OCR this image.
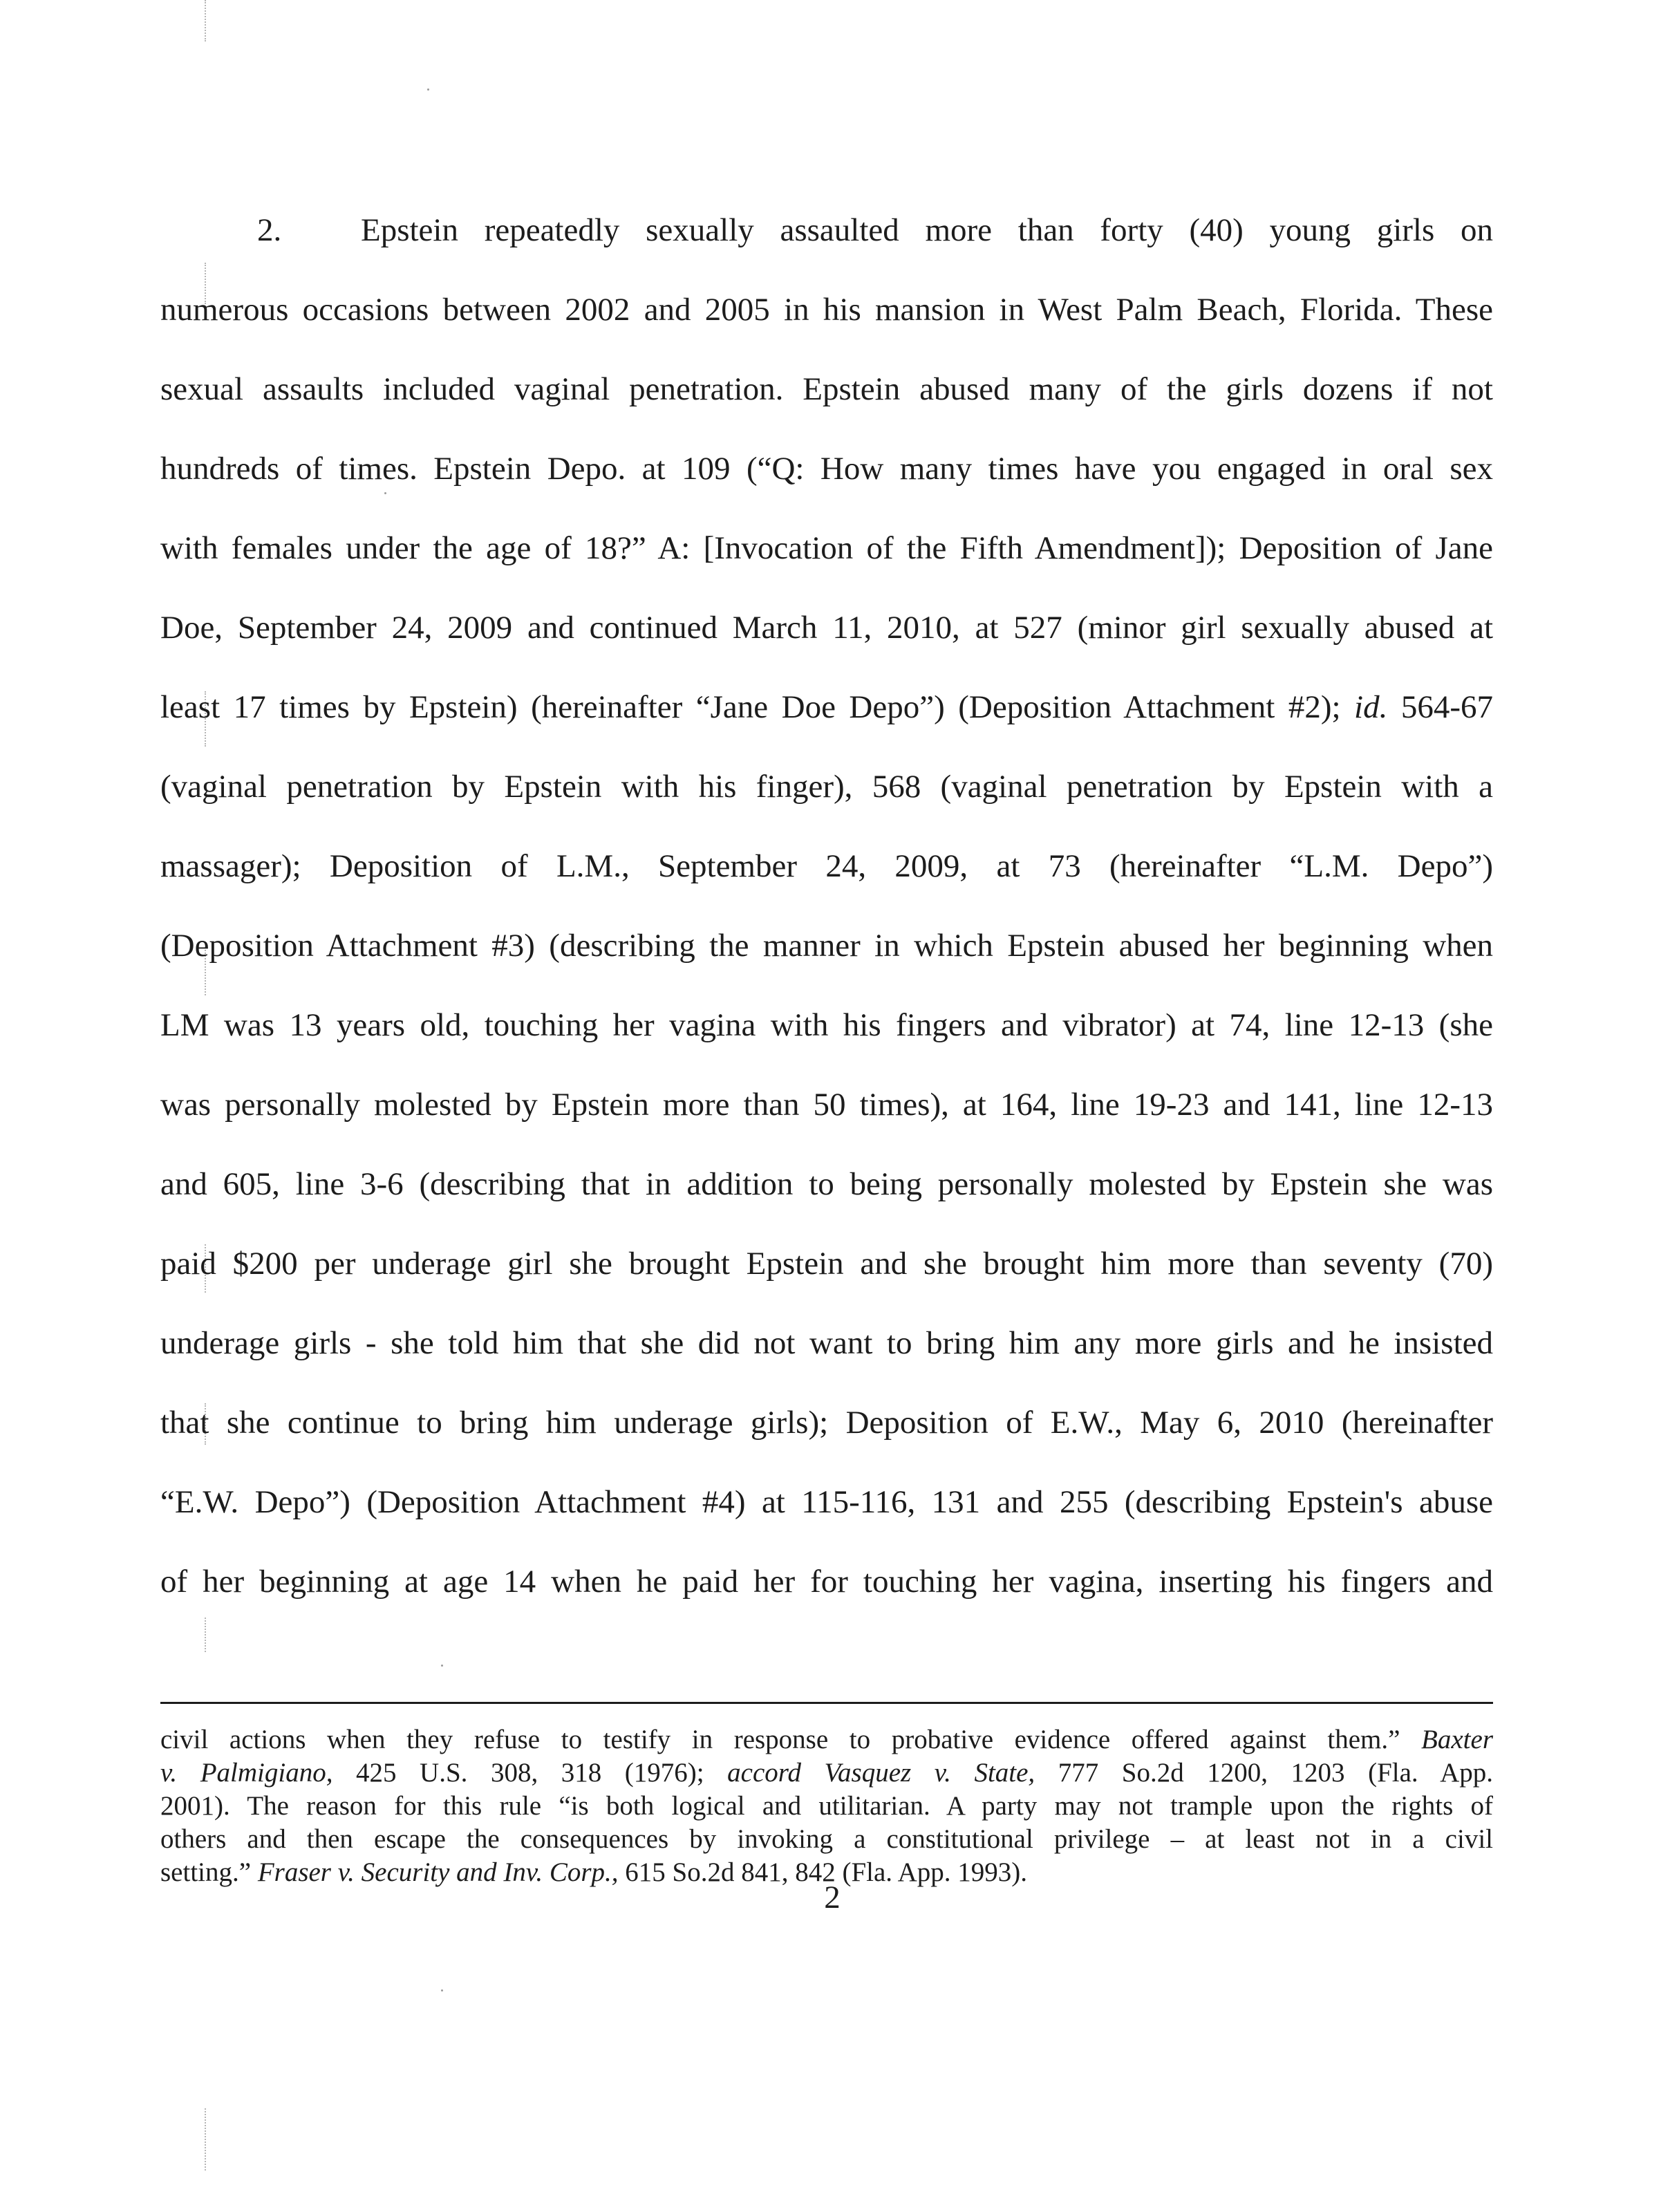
2. Epstein repeatedly sexually assaulted more than forty (40) young girls on
numerous occasions between 2002 and 2005 in his mansion in West Palm Beach, Florida. These
sexual assaults included vaginal penetration. Epstein abused many of the girls dozens if not
hundreds of times. Epstein Depo. at 109 (“Q: How many times have you engaged in oral sex
with females under the age of 18?” A: [Invocation of the Fifth Amendment]); Deposition of Jane
Doe, September 24, 2009 and continued March 11, 2010, at 527 (minor girl sexually abused at
least 17 times by Epstein) (hereinafter “Jane Doe Depo”) (Deposition Attachment #2); id. 564-67
(vaginal penetration by Epstein with his finger), 568 (vaginal penetration by Epstein with a
massager); Deposition of L.M., September 24, 2009, at 73 (hereinafter “L.M. Depo”)
(Deposition Attachment #3) (describing the manner in which Epstein abused her beginning when
LM was 13 years old, touching her vagina with his fingers and vibrator) at 74, line 12-13 (she
was personally molested by Epstein more than 50 times), at 164, line 19-23 and 141, line 12-13
and 605, line 3-6 (describing that in addition to being personally molested by Epstein she was
paid $200 per underage girl she brought Epstein and she brought him more than seventy (70)
underage girls - she told him that she did not want to bring him any more girls and he insisted
that she continue to bring him underage girls); Deposition of E.W., May 6, 2010 (hereinafter
“E.W. Depo”) (Deposition Attachment #4) at 115-116, 131 and 255 (describing Epstein's abuse
of her beginning at age 14 when he paid her for touching her vagina, inserting his fingers and
civil actions when they refuse to testify in response to probative evidence offered against them.” Baxter
v. Palmigiano, 425 U.S. 308, 318 (1976); accord Vasquez v. State, 777 So.2d 1200, 1203 (Fla. App.
2001). The reason for this rule “is both logical and utilitarian. A party may not trample upon the rights of
others and then escape the consequences by invoking a constitutional privilege – at least not in a civil
setting.” Fraser v. Security and Inv. Corp., 615 So.2d 841, 842 (Fla. App. 1993).
2
